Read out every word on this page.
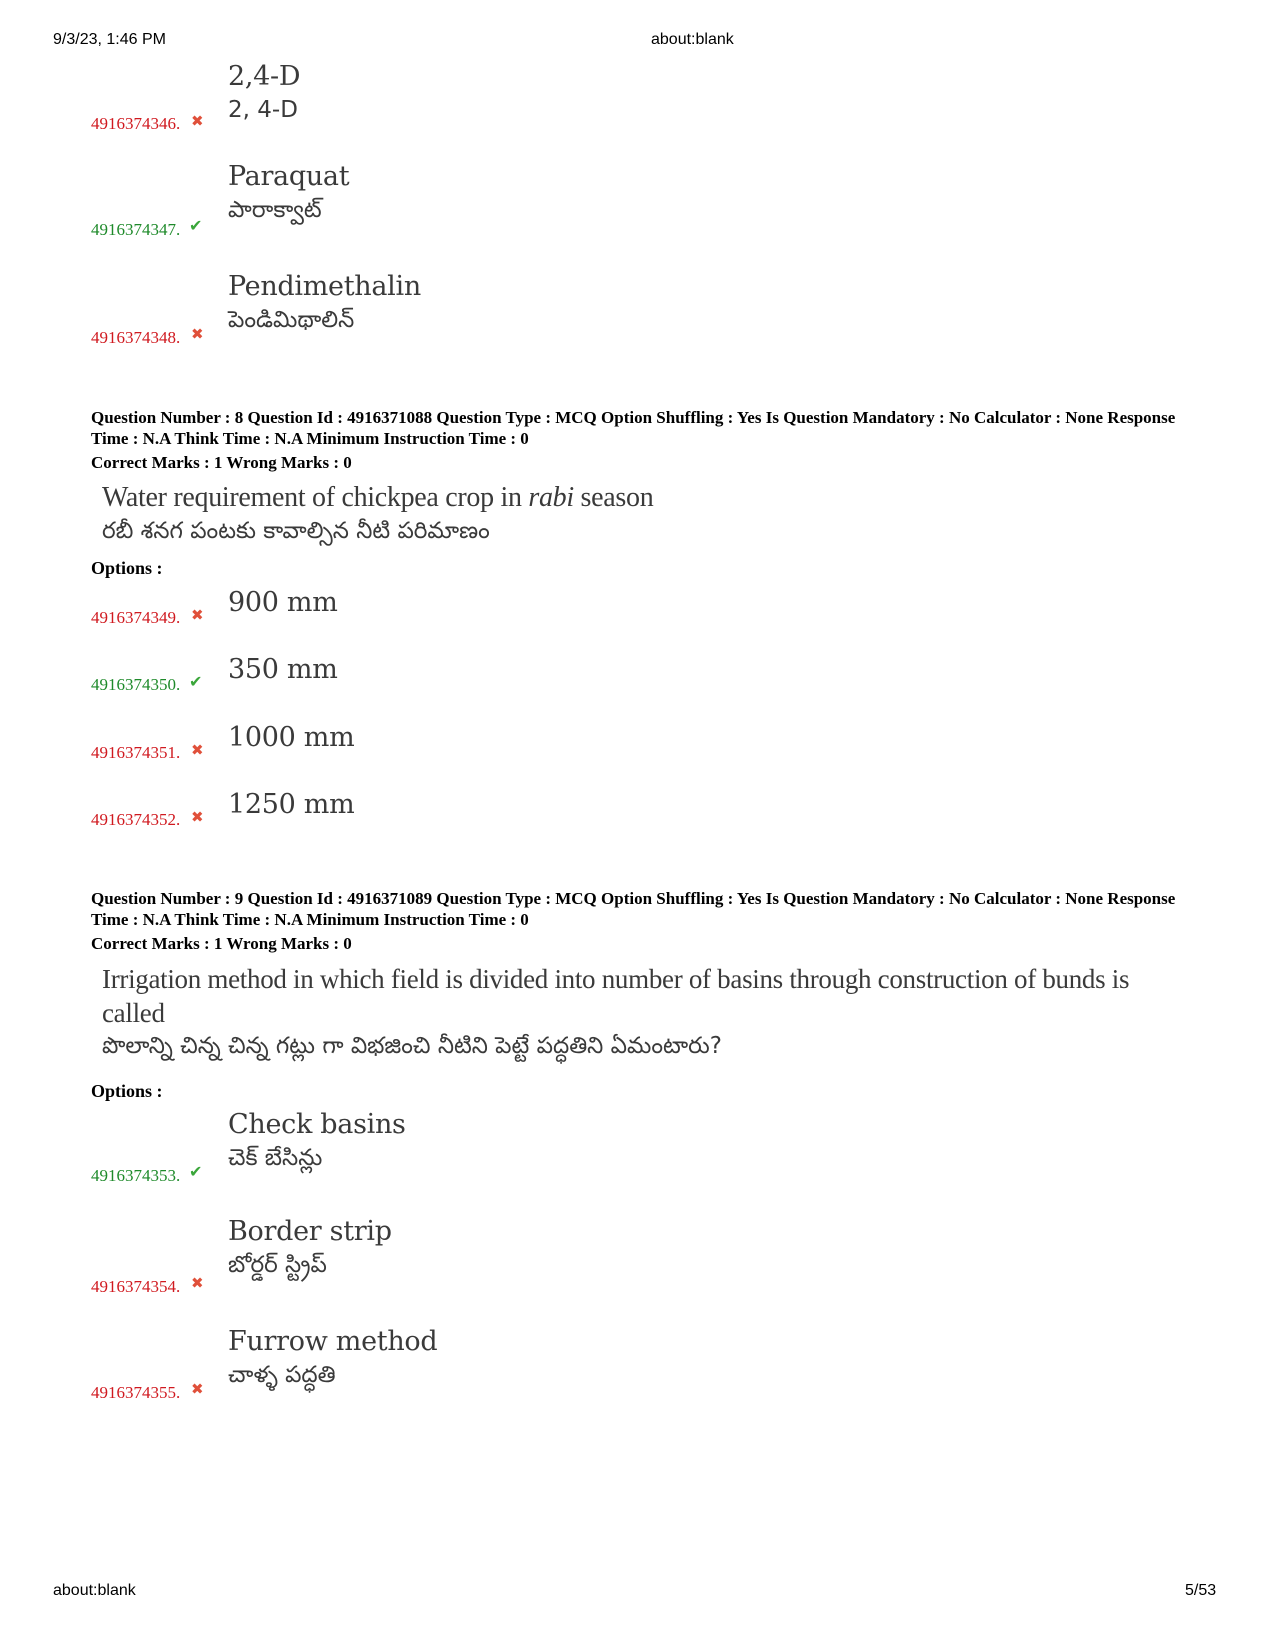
9/3/23, 1:46 PM	about:blank
4916374346. ✖
2,4-D
2, 4-D
4916374347. ✔
Paraquat
పారాక్వాట్
4916374348. ✖
Pendimethalin
పెండిమిథాలిన్
Question Number : 8 Question Id : 4916371088 Question Type : MCQ Option Shuffling : Yes Is Question Mandatory : No Calculator : None Response Time : N.A Think Time : N.A Minimum Instruction Time : 0
Correct Marks : 1 Wrong Marks : 0
Water requirement of chickpea crop in rabi season
రబీ శనగ పంటకు కావాల్సిన నీటి పరిమాణం
Options :
4916374349. ✖ 900 mm
4916374350. ✔ 350 mm
4916374351. ✖ 1000 mm
4916374352. ✖ 1250 mm
Question Number : 9 Question Id : 4916371089 Question Type : MCQ Option Shuffling : Yes Is Question Mandatory : No Calculator : None Response Time : N.A Think Time : N.A Minimum Instruction Time : 0
Correct Marks : 1 Wrong Marks : 0
Irrigation method in which field is divided into number of basins through construction of bunds is called
పొలాన్ని చిన్న చిన్న గట్లు గా విభజించి నీటిని పెట్టే పద్ధతిని ఏమంటారు?
Options :
4916374353. ✔
Check basins
చెక్ బేసిన్లు
4916374354. ✖
Border strip
బోర్డర్ స్ట్రిప్
4916374355. ✖
Furrow method
చాళ్ళ పద్ధతి
about:blank	5/53
